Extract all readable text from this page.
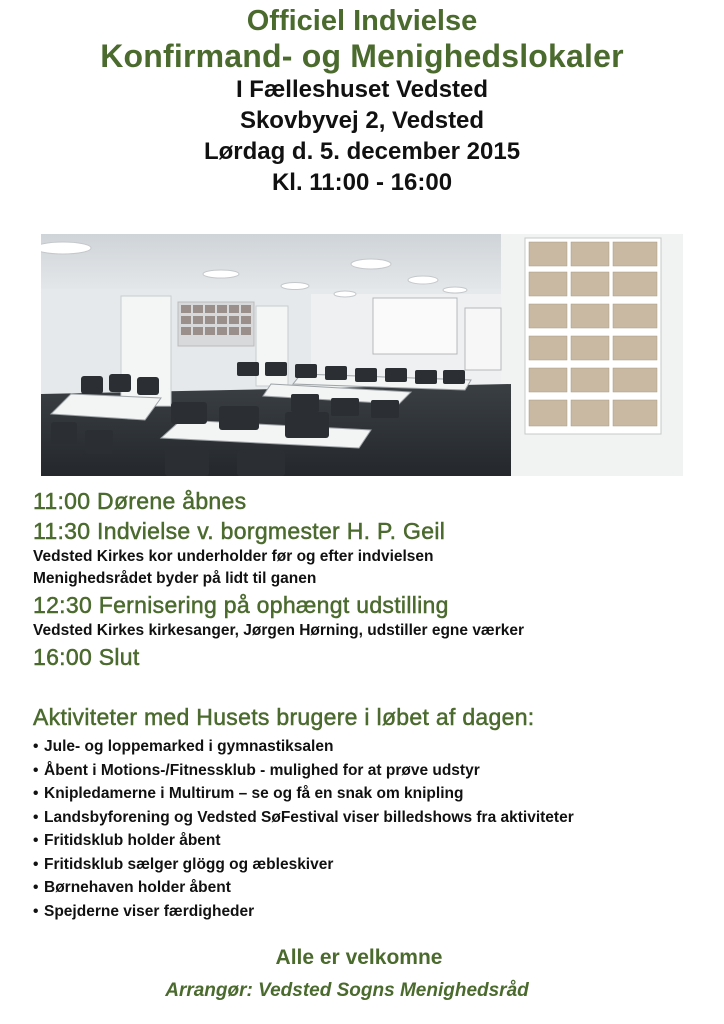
Officiel Indvielse
Konfirmand- og Menighedslokaler
I Fælleshuset Vedsted
Skovbyvej 2, Vedsted
Lørdag d. 5. december 2015
Kl. 11:00 - 16:00
11:00 Dørene åbnes
11:30 Indvielse v. borgmester H. P. Geil
Vedsted Kirkes kor underholder før og efter indvielsen
Menighedsrådet byder på lidt til ganen
12:30 Fernisering på ophængt udstilling
Vedsted Kirkes kirkesanger, Jørgen Hørning, udstiller egne værker
16:00 Slut
Aktiviteter med Husets brugere i løbet af dagen:
• Jule- og loppemarked i gymnastiksalen
• Åbent i Motions-/Fitnessklub - mulighed for at prøve udstyr
• Knipledamerne i Multirum – se og få en snak om knipling
• Landsbyforening og Vedsted SøFestival viser billedshows fra aktiviteter
• Fritidsklub holder åbent
• Fritidsklub sælger glögg og æbleskiver
• Børnehaven holder åbent
• Spejderne viser færdigheder
Alle er velkomne
Arrangør: Vedsted Sogns Menighedsråd
